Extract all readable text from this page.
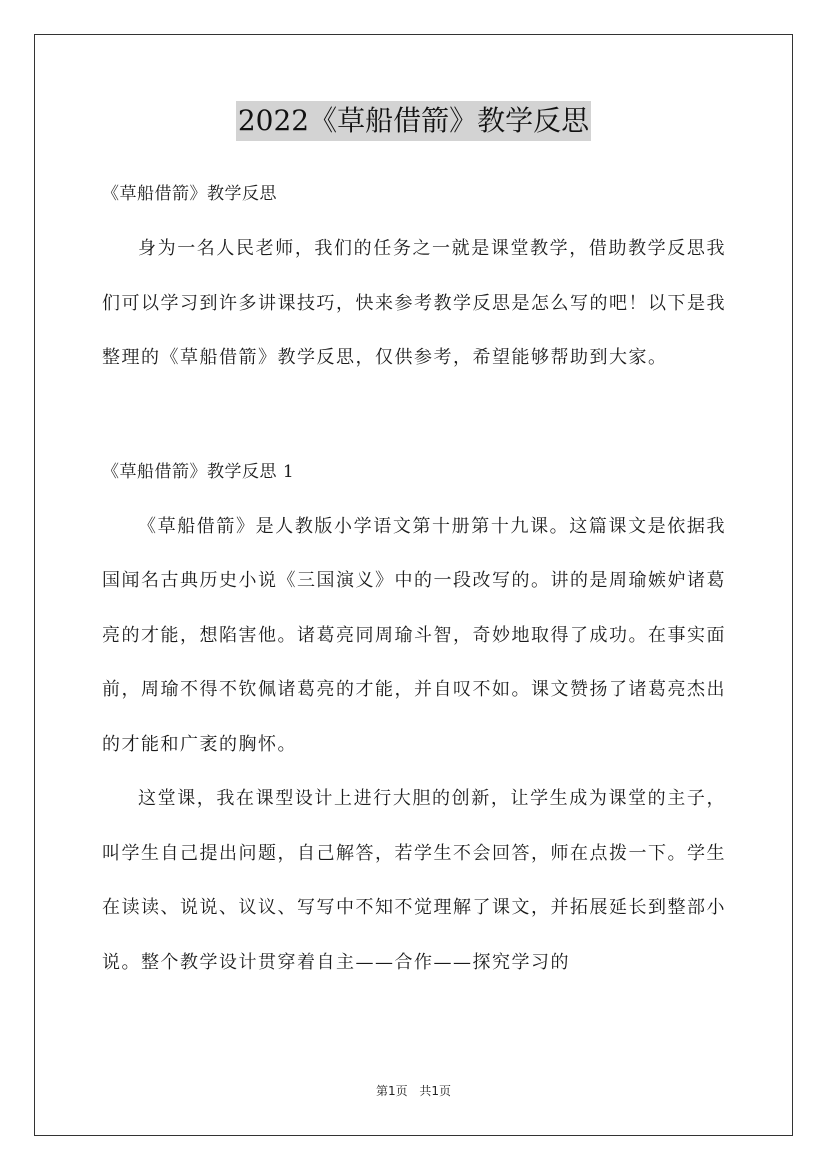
2022《草船借箭》教学反思

《草船借箭》教学反思

身为一名人民老师，我们的任务之一就是课堂教学，借助教学反思我们可以学习到许多讲课技巧，快来参考教学反思是怎么写的吧！以下是我整理的《草船借箭》教学反思，仅供参考，希望能够帮助到大家。

《草船借箭》教学反思 1

《草船借箭》是人教版小学语文第十册第十九课。这篇课文是依据我国闻名古典历史小说《三国演义》中的一段改写的。讲的是周瑜嫉妒诸葛亮的才能，想陷害他。诸葛亮同周瑜斗智，奇妙地取得了成功。在事实面前，周瑜不得不钦佩诸葛亮的才能，并自叹不如。课文赞扬了诸葛亮杰出的才能和广袤的胸怀。

这堂课，我在课型设计上进行大胆的创新，让学生成为课堂的主子，叫学生自己提出问题，自己解答，若学生不会回答，师在点拨一下。学生在读读、说说、议议、写写中不知不觉理解了课文，并拓展延长到整部小说。整个教学设计贯穿着自主——合作——探究学习的

第1页 共1页
